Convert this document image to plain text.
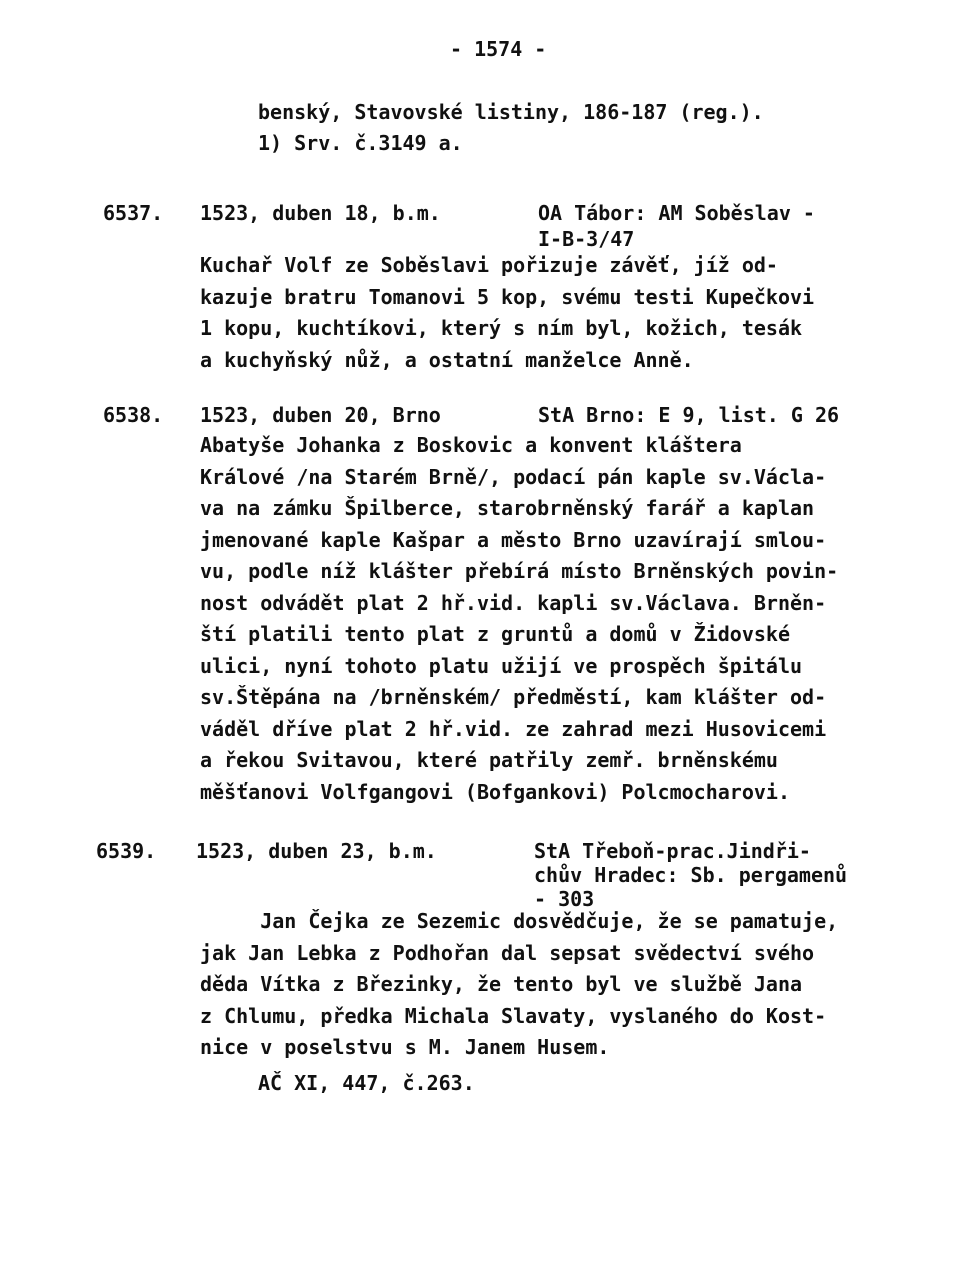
- 1574 -
benský, Stavovské listiny, 186-187 (reg.).
1) Srv. č.3149 a.
6537. 1523, duben 18, b.m.	OA Tábor: AM Soběslav -
I-B-3/47
Kuchař Volf ze Soběslavi pořizuje závěť, jíž od-
kazuje bratru Tomanovi 5 kop, svému testi Kupečkovi
1 kopu, kuchtíkovi, který s ním byl, kožich, tesák
a kuchyňský nůž, a ostatní manželce Anně.
6538. 1523, duben 20, Brno	StA Brno: E 9, list. G 26
Abatyše Johanka z Boskovic a konvent kláštera
Králové /na Starém Brně/, podací pán kaple sv.Václa-
va na zámku Špilberce, starobrněnský farář a kaplan
jmenované kaple Kašpar a město Brno uzavírají smlou-
vu, podle níž klášter přebírá místo Brněnských povin-
nost odvádět plat 2 hř.vid. kapli sv.Václava. Brněn-
ští platili tento plat z gruntů a domů v Židovské
ulici, nyní tohoto platu užijí ve prospěch špitálu
sv.Štěpána na /brněnském/ předměstí, kam klášter od-
váděl dříve plat 2 hř.vid. ze zahrad mezi Husovicemi
a řekou Svitavou, které patřily zemř. brněnskému
měšťanovi Volfgangovi (Bofgankovi) Polcmocharovi.
6539. 1523, duben 23, b.m.	StA Třeboň-prac.Jindři-
chův Hradec: Sb. pergamenů
- 303
Jan Čejka ze Sezemic dosvědčuje, že se pamatuje,
jak Jan Lebka z Podhořan dal sepsat svědectví svého
děda Vítka z Březinky, že tento byl ve službě Jana
z Chlumu, předka Michala Slavaty, vyslaného do Kost-
nice v poselstvu s M. Janem Husem.
AČ XI, 447, č.263.
